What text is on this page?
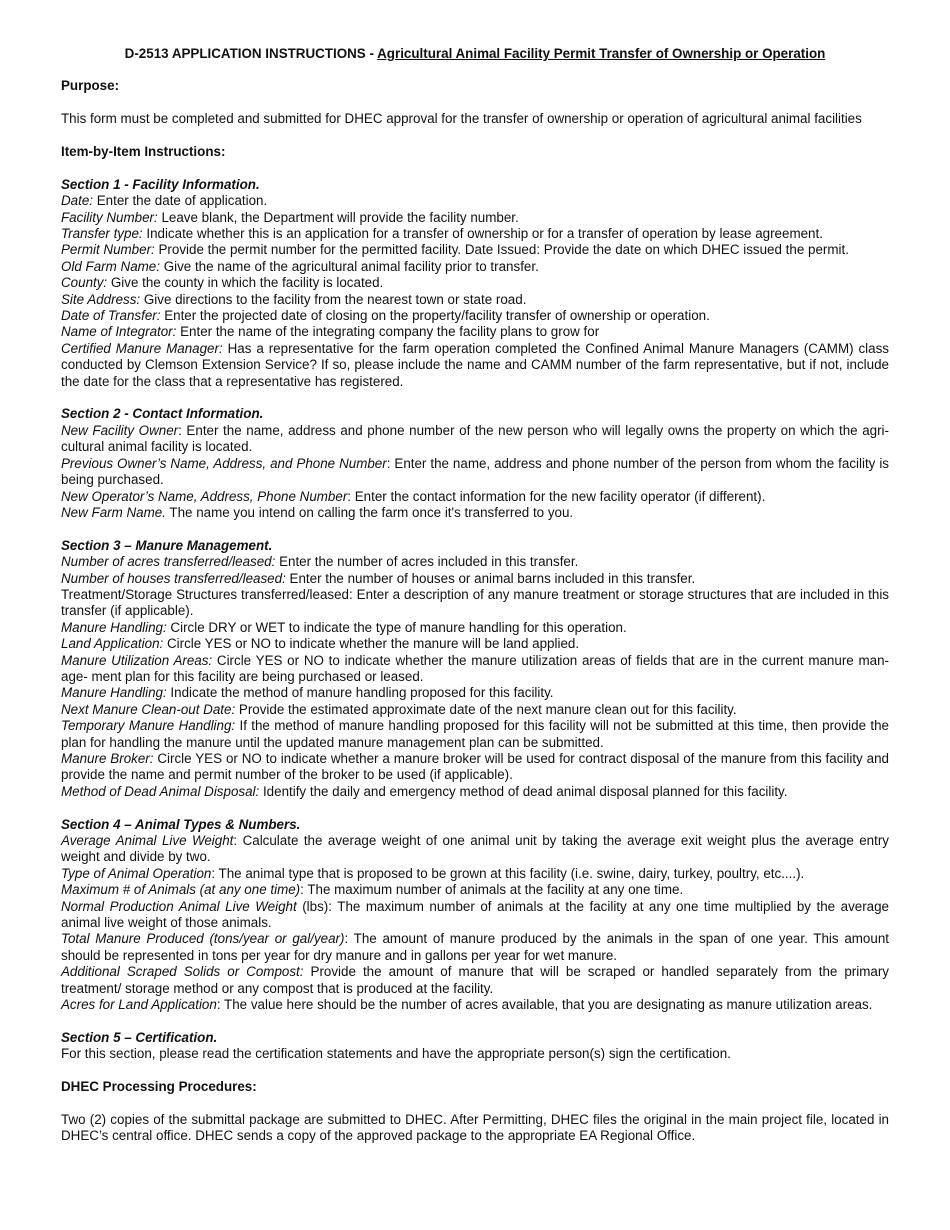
D-2513 APPLICATION INSTRUCTIONS - Agricultural Animal Facility Permit Transfer of Ownership or Operation

Purpose:

This form must be completed and submitted for DHEC approval for the transfer of ownership or operation of agricultural animal facilities

Item-by-Item Instructions:

Section 1 - Facility Information.

Date: Enter the date of application.

Facility Number: Leave blank, the Department will provide the facility number.

Transfer type: Indicate whether this is an application for a transfer of ownership or for a transfer of operation by lease agreement.

Permit Number: Provide the permit number for the permitted facility. Date Issued: Provide the date on which DHEC issued the permit.

Old Farm Name: Give the name of the agricultural animal facility prior to transfer.

County: Give the county in which the facility is located.

Site Address: Give directions to the facility from the nearest town or state road.

Date of Transfer: Enter the projected date of closing on the property/facility transfer of ownership or operation.

Name of Integrator: Enter the name of the integrating company the facility plans to grow for

Certified Manure Manager: Has a representative for the farm operation completed the Confined Animal Manure Managers (CAMM) class conducted by Clemson Extension Service? If so, please include the name and CAMM number of the farm representative, but if not, include the date for the class that a representative has registered.

Section 2 - Contact Information.

New Facility Owner: Enter the name, address and phone number of the new person who will legally owns the property on which the agri- cultural animal facility is located.

Previous Owner’s Name, Address, and Phone Number: Enter the name, address and phone number of the person from whom the facility is being purchased.

New Operator’s Name, Address, Phone Number: Enter the contact information for the new facility operator (if different).

New Farm Name. The name you intend on calling the farm once it's transferred to you.

Section 3 – Manure Management.

Number of acres transferred/leased: Enter the number of acres included in this transfer.

Number of houses transferred/leased: Enter the number of houses or animal barns included in this transfer.

Treatment/Storage Structures transferred/leased: Enter a description of any manure treatment or storage structures that are included in this transfer (if applicable).

Manure Handling: Circle DRY or WET to indicate the type of manure handling for this operation.

Land Application: Circle YES or NO to indicate whether the manure will be land applied.

Manure Utilization Areas: Circle YES or NO to indicate whether the manure utilization areas of fields that are in the current manure man- age- ment plan for this facility are being purchased or leased.

Manure Handling: Indicate the method of manure handling proposed for this facility.

Next Manure Clean-out Date: Provide the estimated approximate date of the next manure clean out for this facility.

Temporary Manure Handling: If the method of manure handling proposed for this facility will not be submitted at this time, then provide the plan for handling the manure until the updated manure management plan can be submitted.

Manure Broker: Circle YES or NO to indicate whether a manure broker will be used for contract disposal of the manure from this facility and provide the name and permit number of the broker to be used (if applicable).

Method of Dead Animal Disposal: Identify the daily and emergency method of dead animal disposal planned for this facility.

Section 4 – Animal Types & Numbers.

Average Animal Live Weight: Calculate the average weight of one animal unit by taking the average exit weight plus the average entry weight and divide by two.

Type of Animal Operation: The animal type that is proposed to be grown at this facility (i.e. swine, dairy, turkey, poultry, etc....).

Maximum # of Animals (at any one time): The maximum number of animals at the facility at any one time.

Normal Production Animal Live Weight (lbs): The maximum number of animals at the facility at any one time multiplied by the average animal live weight of those animals.

Total Manure Produced (tons/year or gal/year): The amount of manure produced by the animals in the span of one year. This amount should be represented in tons per year for dry manure and in gallons per year for wet manure.

Additional Scraped Solids or Compost: Provide the amount of manure that will be scraped or handled separately from the primary treatment/ storage method or any compost that is produced at the facility.

Acres for Land Application: The value here should be the number of acres available, that you are designating as manure utilization areas.

Section 5 – Certification.

For this section, please read the certification statements and have the appropriate person(s) sign the certification.

DHEC Processing Procedures:

Two (2) copies of the submittal package are submitted to DHEC. After Permitting, DHEC files the original in the main project file, located in DHEC’s central office. DHEC sends a copy of the approved package to the appropriate EA Regional Office.
